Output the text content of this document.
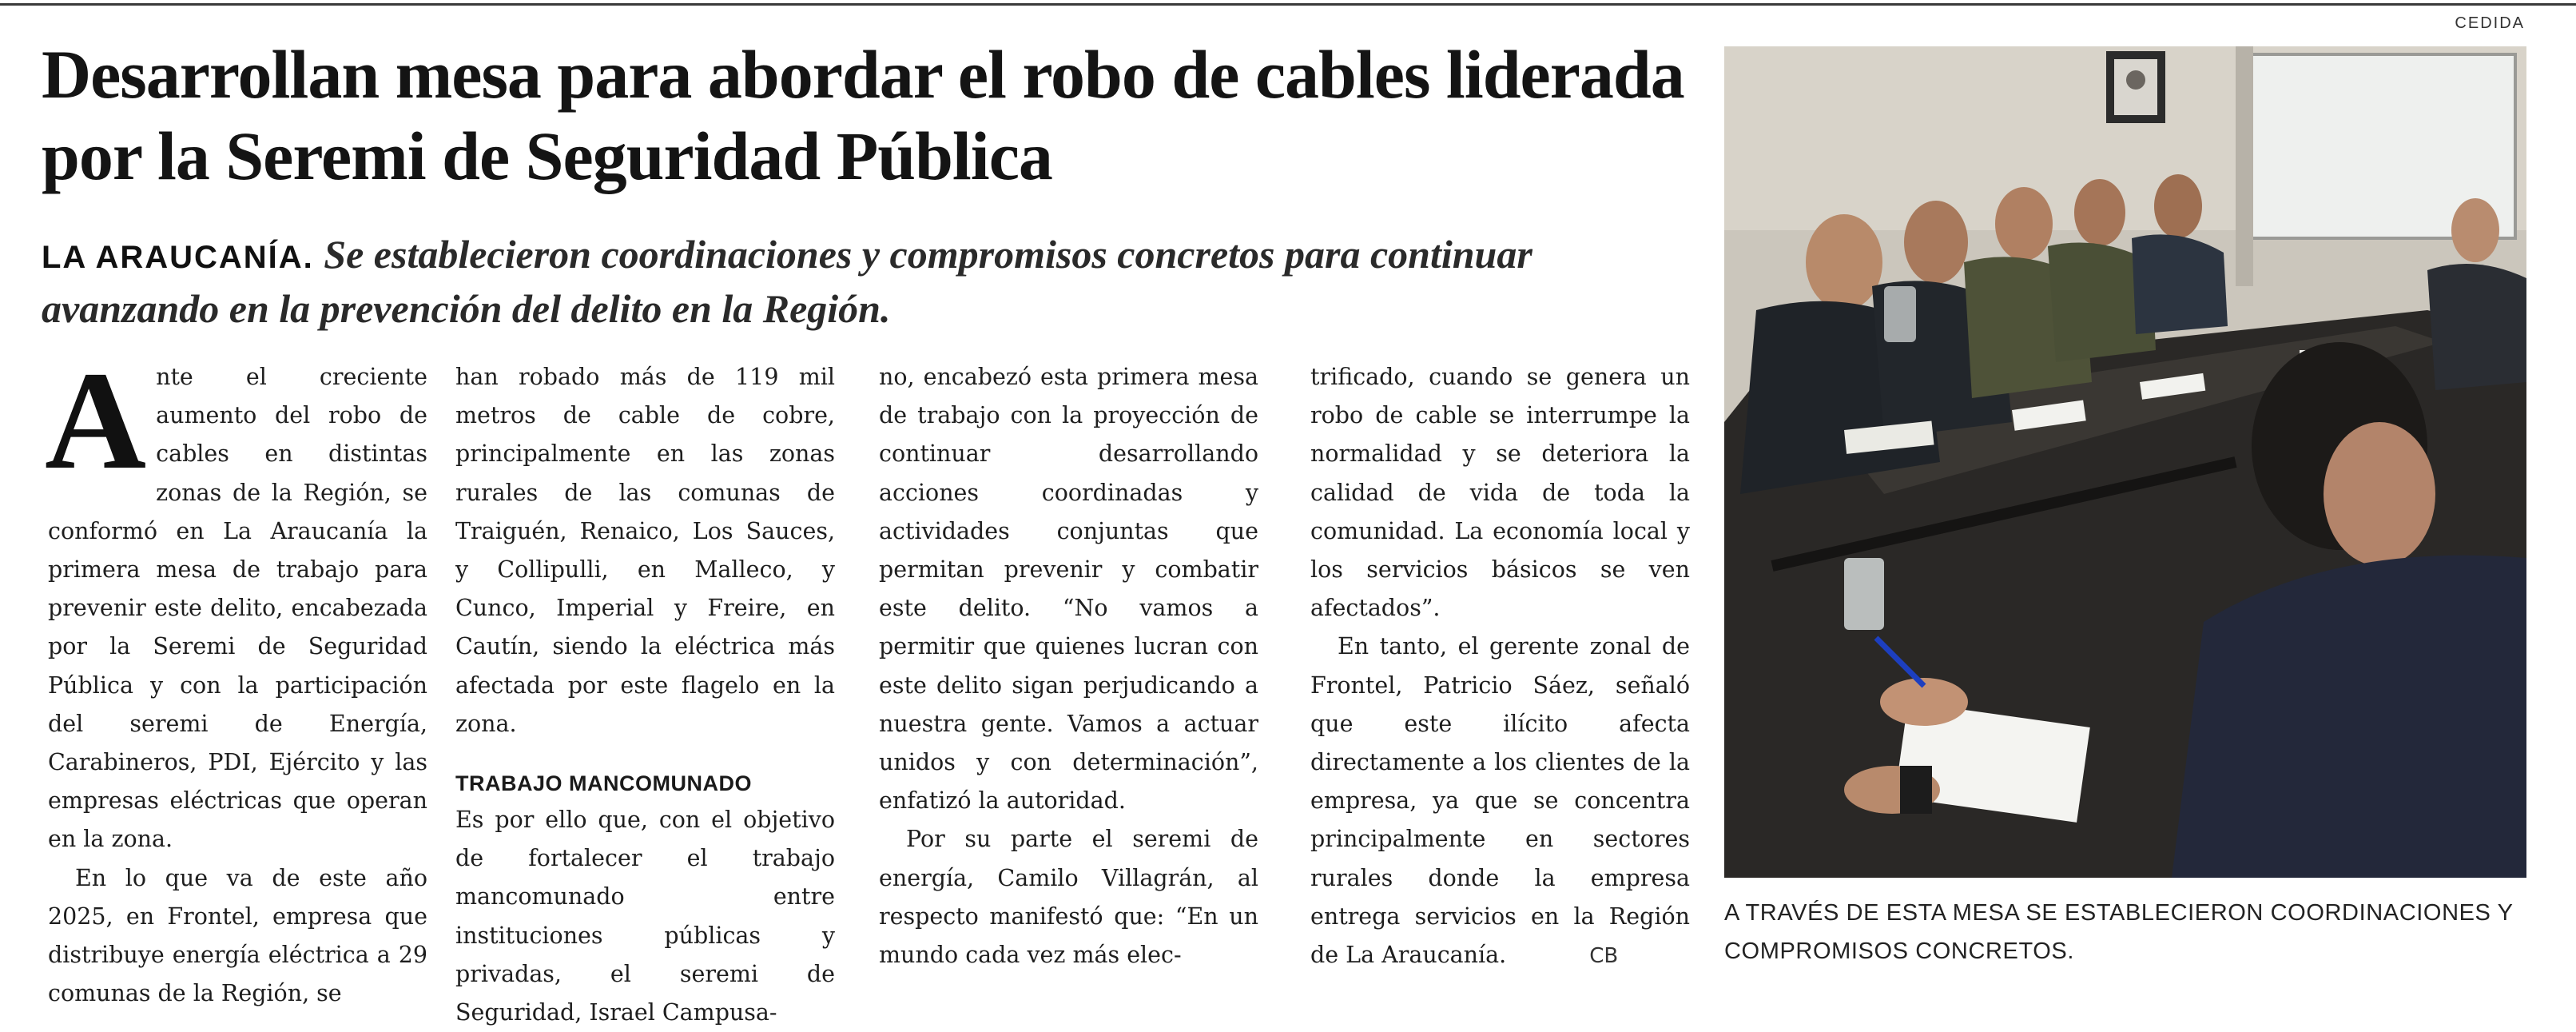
CEDIDA
Desarrollan mesa para abordar el robo de cables liderada por la Seremi de Seguridad Pública

LA ARAUCANÍA. Se establecieron coordinaciones y compromisos concretos para continuar avanzando en la prevención del delito en la Región.

Ante el creciente aumento del robo de cables en distintas zonas de la Región, se conformó en La Araucanía la primera mesa de trabajo para prevenir este delito, encabezada por la Seremi de Seguridad Pública y con la participación del seremi de Energía, Carabineros, PDI, Ejército y las empresas eléctricas que operan en la zona.

En lo que va de este año 2025, en Frontel, empresa que distribuye energía eléctrica a 29 comunas de la Región, se

han robado más de 119 mil metros de cable de cobre, principalmente en las zonas rurales de las comunas de Traiguén, Renaico, Los Sauces, y Collipulli, en Malleco, y Cunco, Imperial y Freire, en Cautín, siendo la eléctrica más afectada por este flagelo en la zona.

TRABAJO MANCOMUNADO

Es por ello que, con el objetivo de fortalecer el trabajo mancomunado entre instituciones públicas y privadas, el seremi de Seguridad, Israel Campusa-

no, encabezó esta primera mesa de trabajo con la proyección de continuar desarrollando acciones coordinadas y actividades conjuntas que permitan prevenir y combatir este delito. “No vamos a permitir que quienes lucran con este delito sigan perjudicando a nuestra gente. Vamos a actuar unidos y con determinación”, enfatizó la autoridad.

Por su parte el seremi de energía, Camilo Villagrán, al respecto manifestó que: “En un mundo cada vez más elec-

trificado, cuando se genera un robo de cable se interrumpe la normalidad y se deteriora la calidad de vida de toda la comunidad. La economía local y los servicios básicos se ven afectados”.

En tanto, el gerente zonal de Frontel, Patricio Sáez, señaló que este ilícito afecta directamente a los clientes de la empresa, ya que se concentra principalmente en sectores rurales donde la empresa entrega servicios en la Región de La Araucanía.	CB

A TRAVÉS DE ESTA MESA SE ESTABLECIERON COORDINACIONES Y COMPROMISOS CONCRETOS.
